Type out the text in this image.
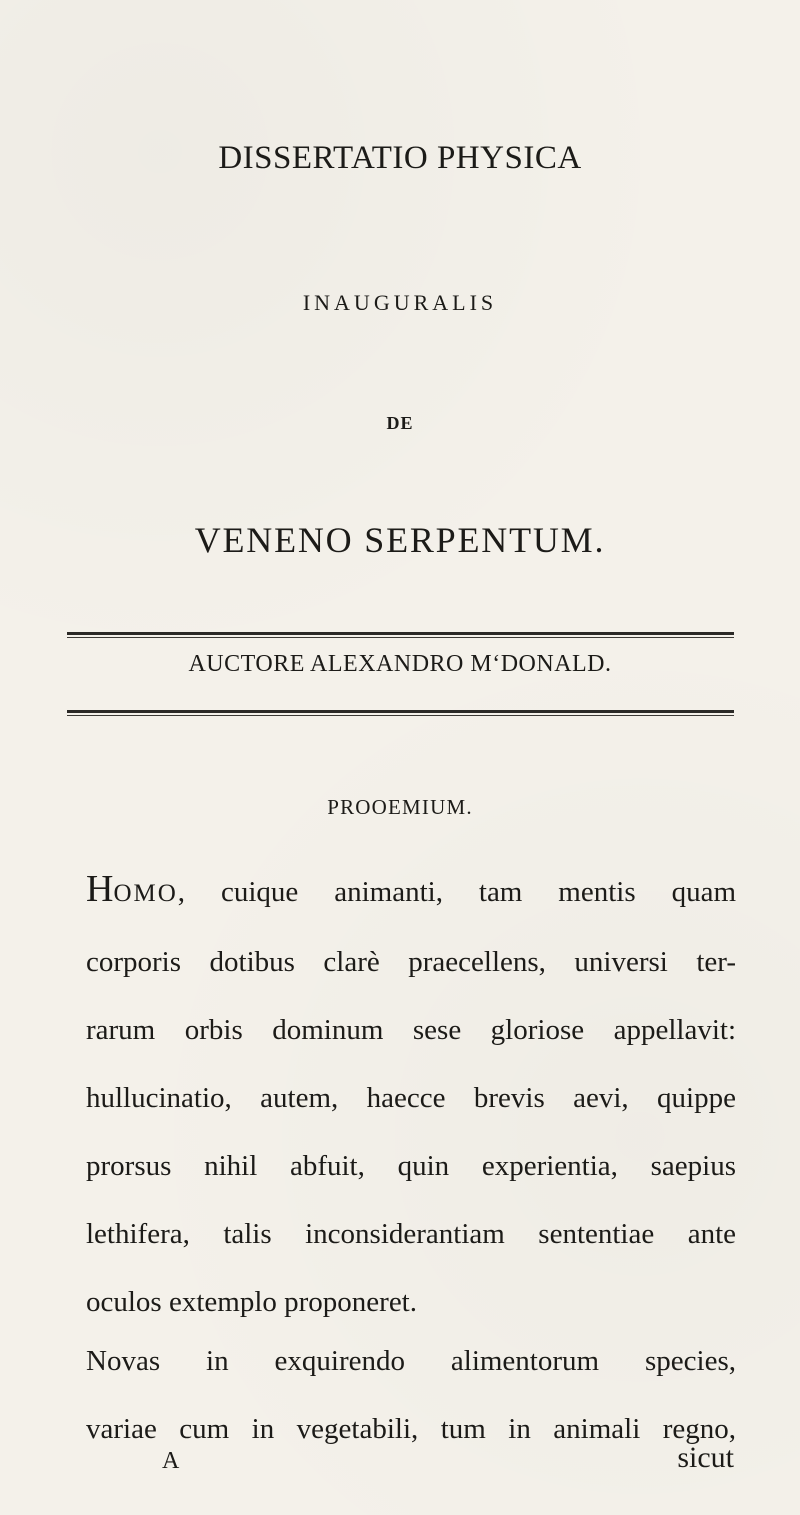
DISSERTATIO PHYSICA
INAUGURALIS
DE
VENENO SERPENTUM.
AUCTORE ALEXANDRO M‘DONALD.
PROOEMIUM.
HOMO, cuique animanti, tam mentis quam
corporis dotibus clarè praecellens, universi ter-
rarum orbis dominum sese gloriose appellavit:
hullucinatio, autem, haecce brevis aevi, quippe
prorsus nihil abfuit, quin experientia, saepius
lethifera, talis inconsiderantiam sententiae ante
oculos extemplo proponeret.
Novas in exquirendo alimentorum species,
variae cum in vegetabili, tum in animali regno,
A	sicut
